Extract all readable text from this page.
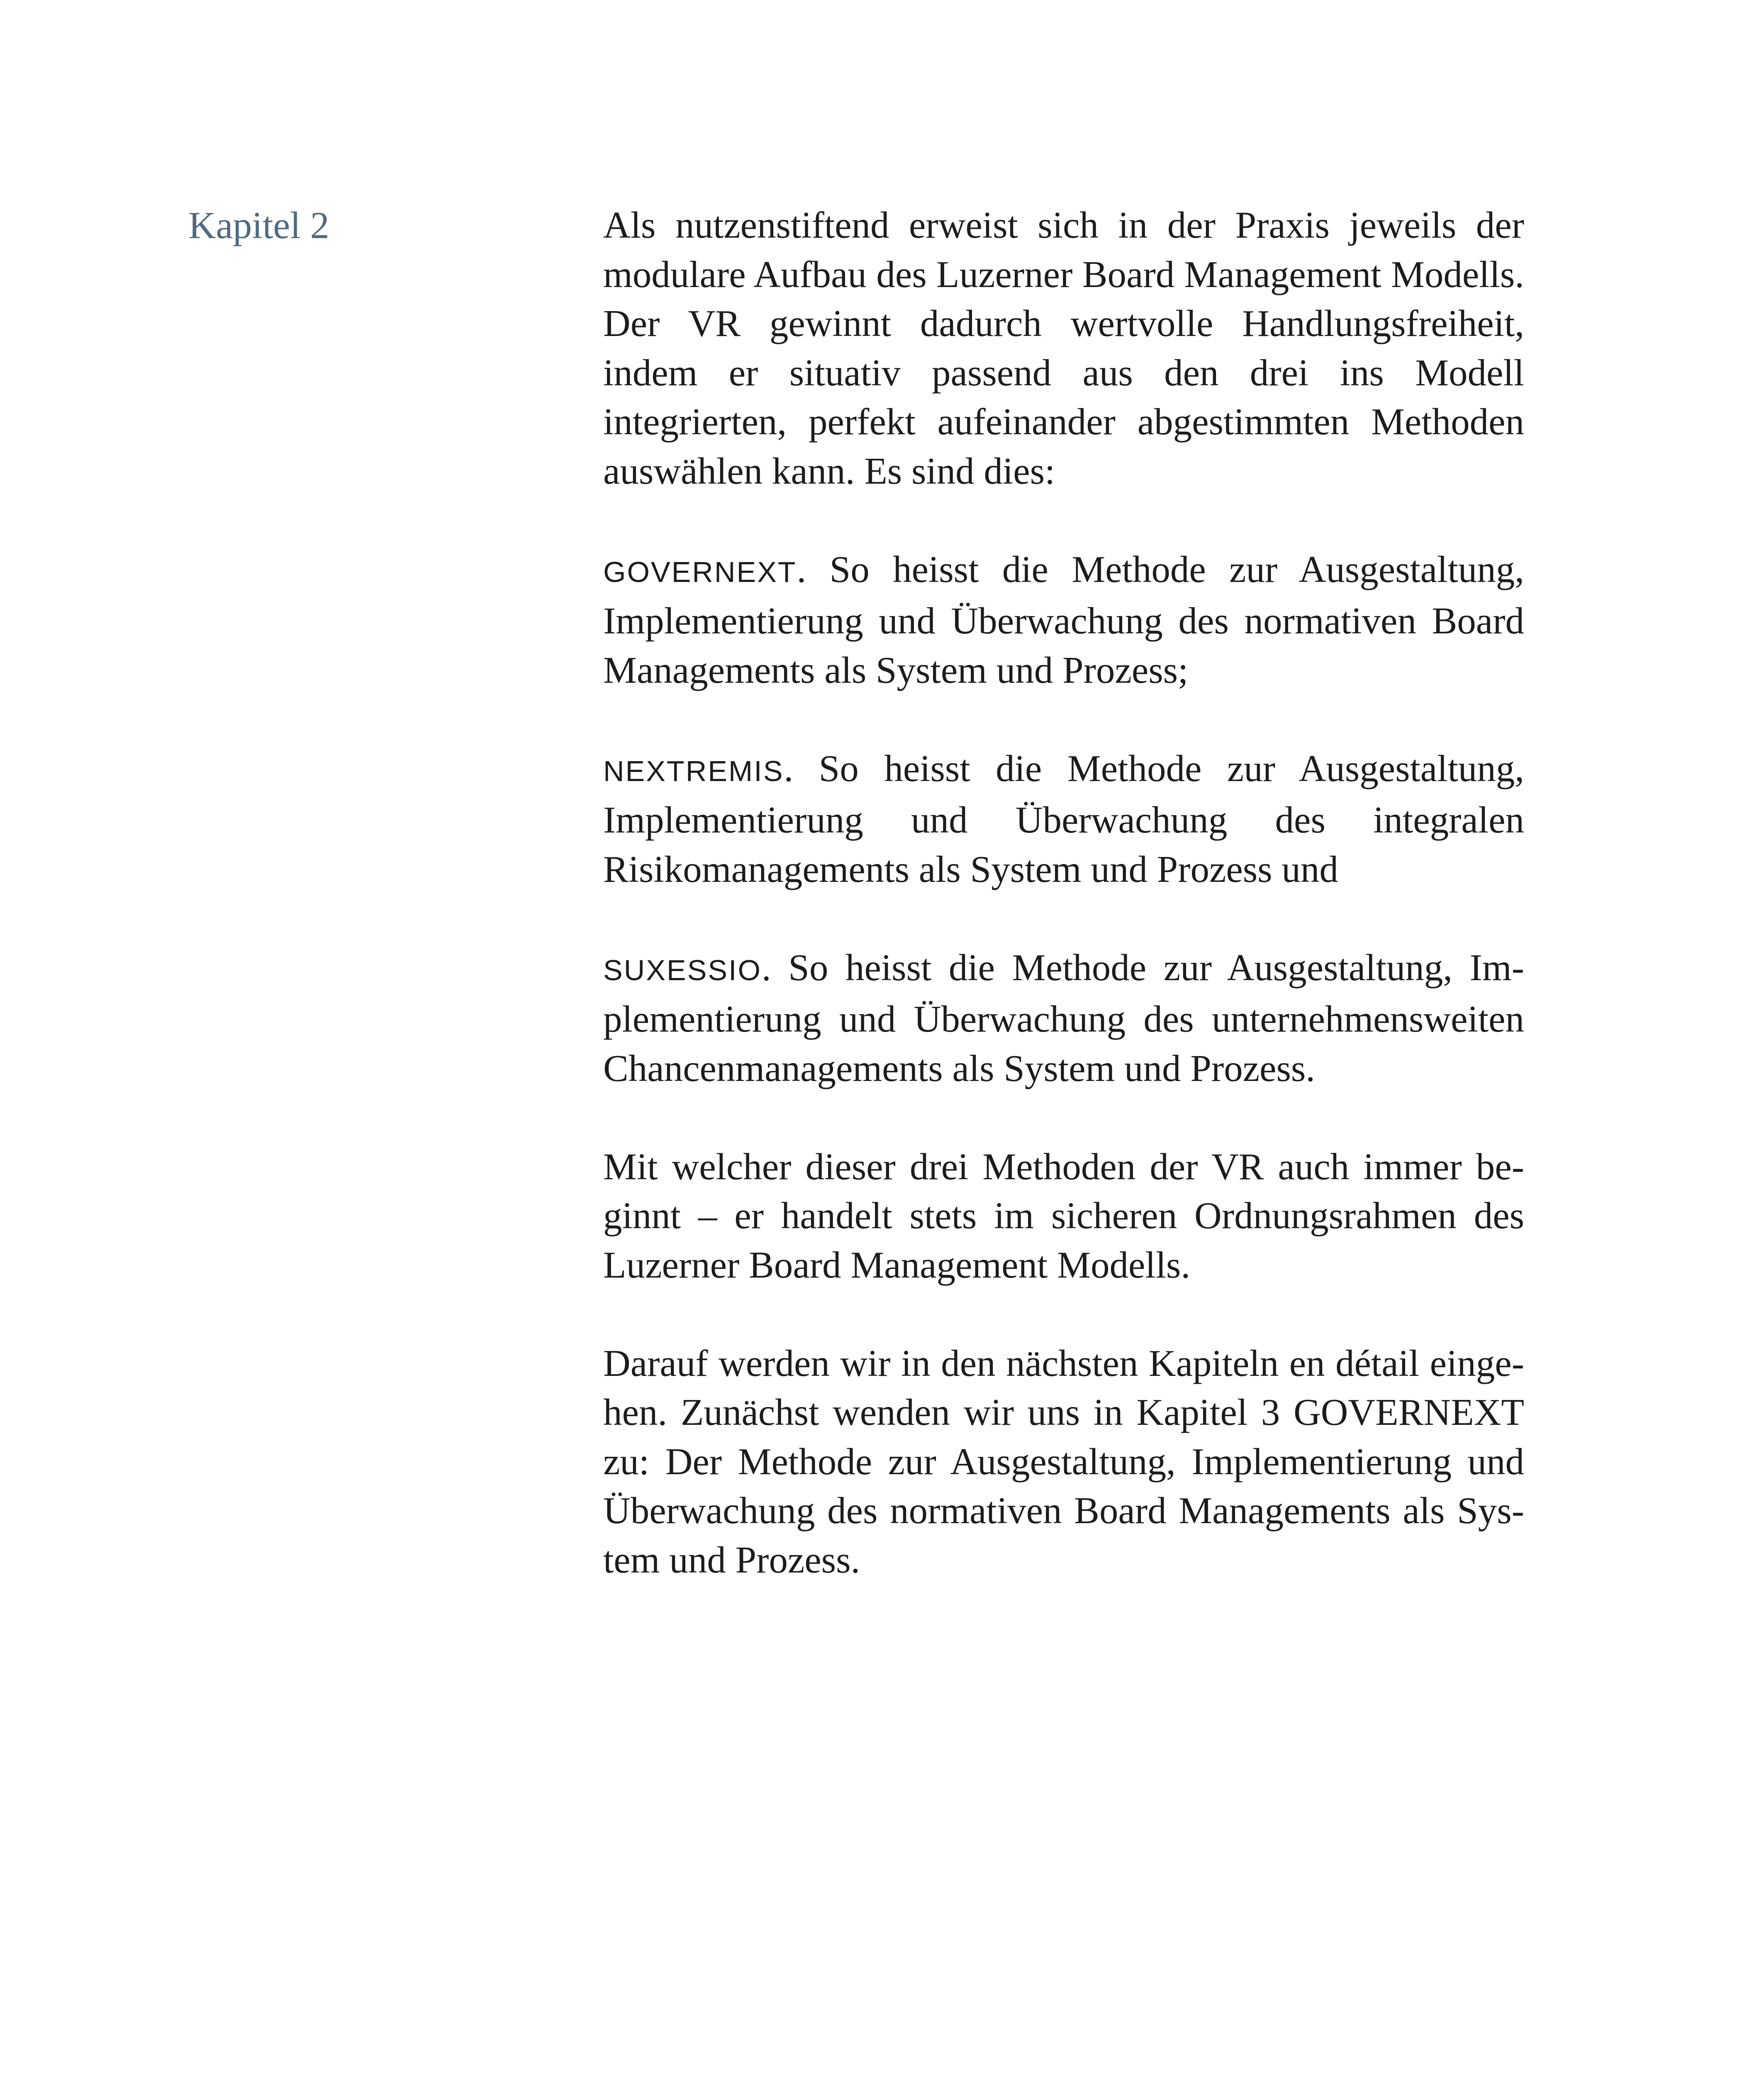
Kapitel 2	Als nutzenstiftend erweist sich in der Praxis jeweils der modulare Aufbau des Luzerner Board Management Modells. Der VR gewinnt dadurch wertvolle Handlungsfreiheit, indem er situativ passend aus den drei ins Modell integrierten, perfekt aufeinander abgestimmten Methoden auswählen kann. Es sind dies:

GOVERNEXT. So heisst die Methode zur Ausgestaltung, Implementierung und Überwachung des normativen Board Managements als System und Prozess;

NEXTREMIS. So heisst die Methode zur Ausgestaltung, Implementierung und Überwachung des integralen Risikomanagements als System und Prozess und

SUXESSIO. So heisst die Methode zur Ausgestaltung, Implementierung und Überwachung des unternehmensweiten Chancenmanagements als System und Prozess.

Mit welcher dieser drei Methoden der VR auch immer beginnt – er handelt stets im sicheren Ordnungsrahmen des Luzerner Board Management Modells.

Darauf werden wir in den nächsten Kapiteln en détail eingehen. Zunächst wenden wir uns in Kapitel 3 GOVERNEXT zu: Der Methode zur Ausgestaltung, Implementierung und Überwachung des normativen Board Managements als System und Prozess.
